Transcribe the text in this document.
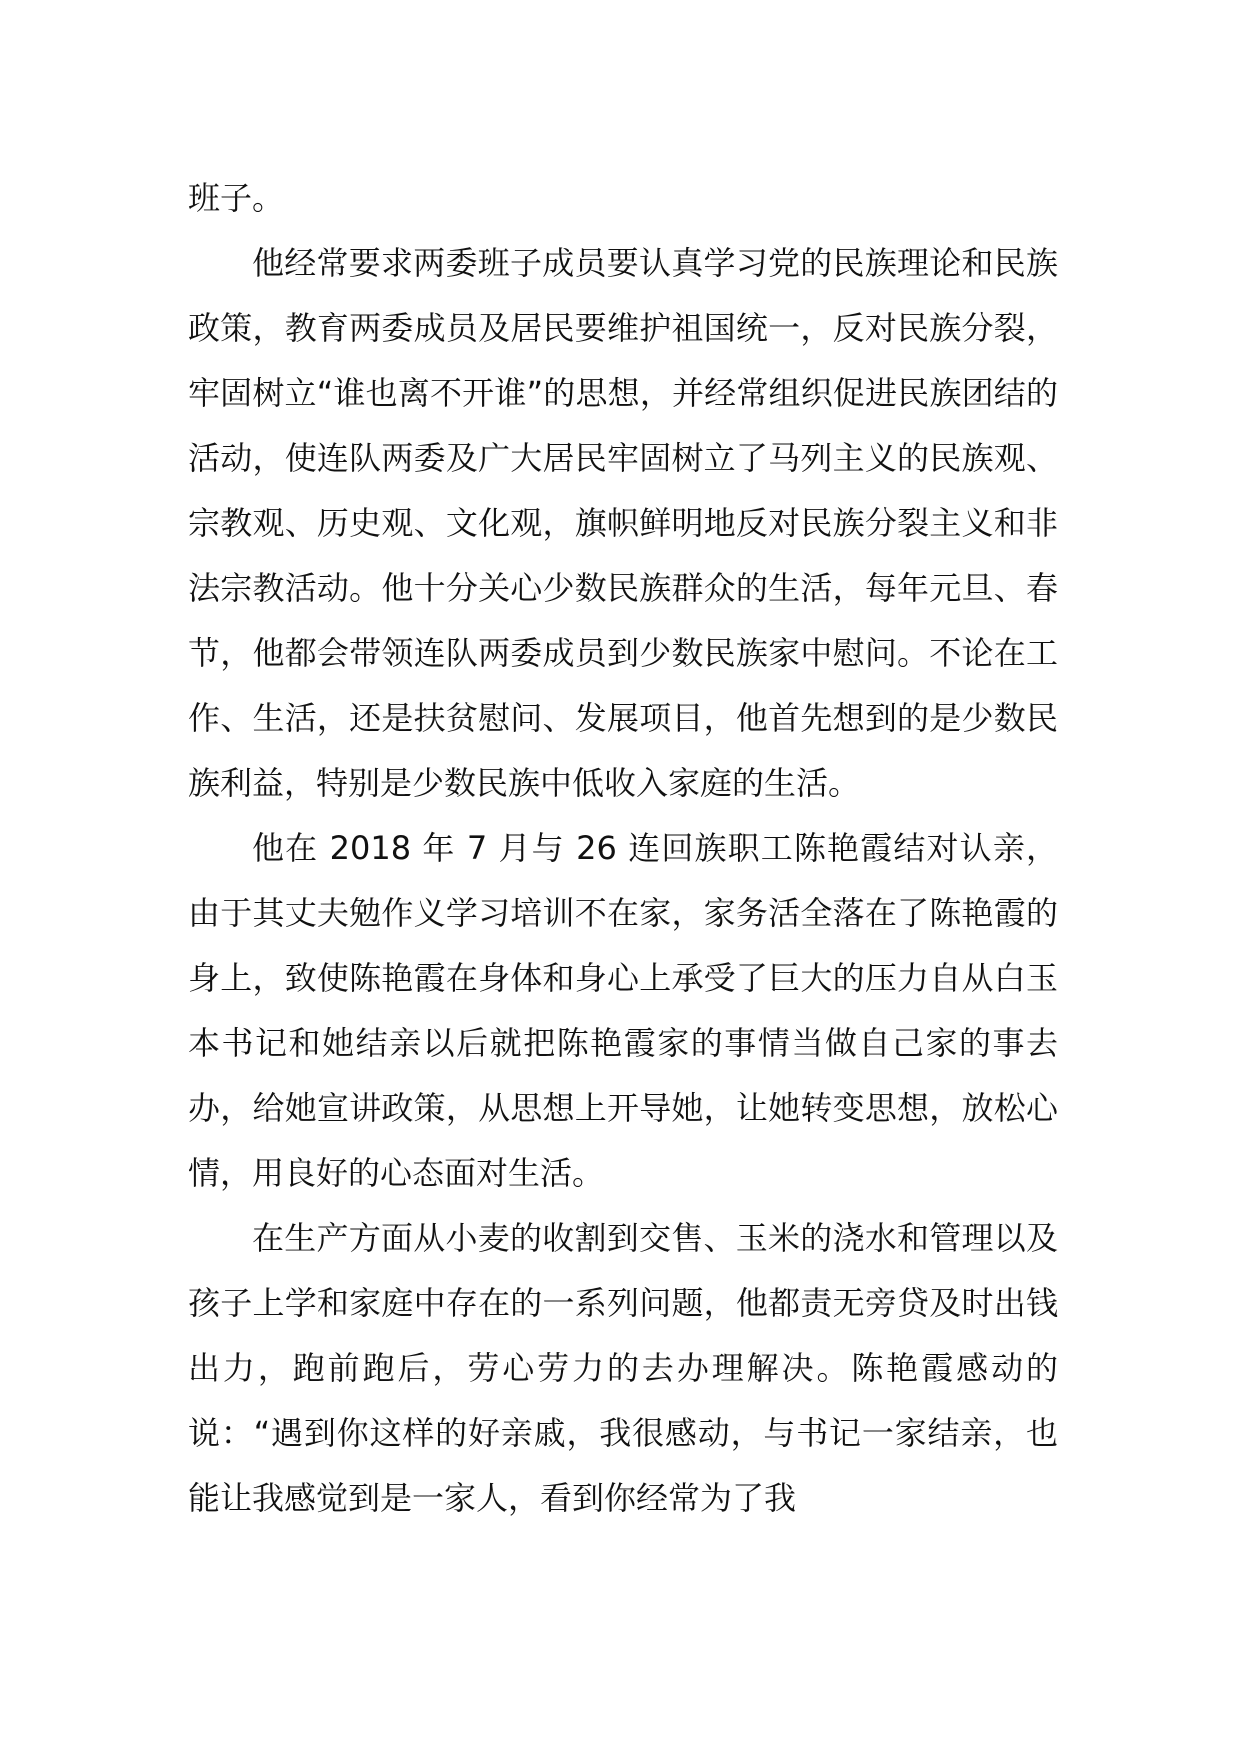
班子。

他经常要求两委班子成员要认真学习党的民族理论和民族政策，教育两委成员及居民要维护祖国统一，反对民族分裂，牢固树立“谁也离不开谁”的思想，并经常组织促进民族团结的活动，使连队两委及广大居民牢固树立了马列主义的民族观、宗教观、历史观、文化观，旗帜鲜明地反对民族分裂主义和非法宗教活动。他十分关心少数民族群众的生活，每年元旦、春节，他都会带领连队两委成员到少数民族家中慰问。不论在工作、生活，还是扶贫慰问、发展项目，他首先想到的是少数民族利益，特别是少数民族中低收入家庭的生活。

他在 2018 年 7 月与 26 连回族职工陈艳霞结对认亲，由于其丈夫勉作义学习培训不在家，家务活全落在了陈艳霞的身上，致使陈艳霞在身体和身心上承受了巨大的压力自从白玉本书记和她结亲以后就把陈艳霞家的事情当做自己家的事去办，给她宣讲政策，从思想上开导她，让她转变思想，放松心情，用良好的心态面对生活。

在生产方面从小麦的收割到交售、玉米的浇水和管理以及孩子上学和家庭中存在的一系列问题，他都责无旁贷及时出钱出力，跑前跑后，劳心劳力的去办理解决。陈艳霞感动的说：“遇到你这样的好亲戚，我很感动，与书记一家结亲，也能让我感觉到是一家人，看到你经常为了我
